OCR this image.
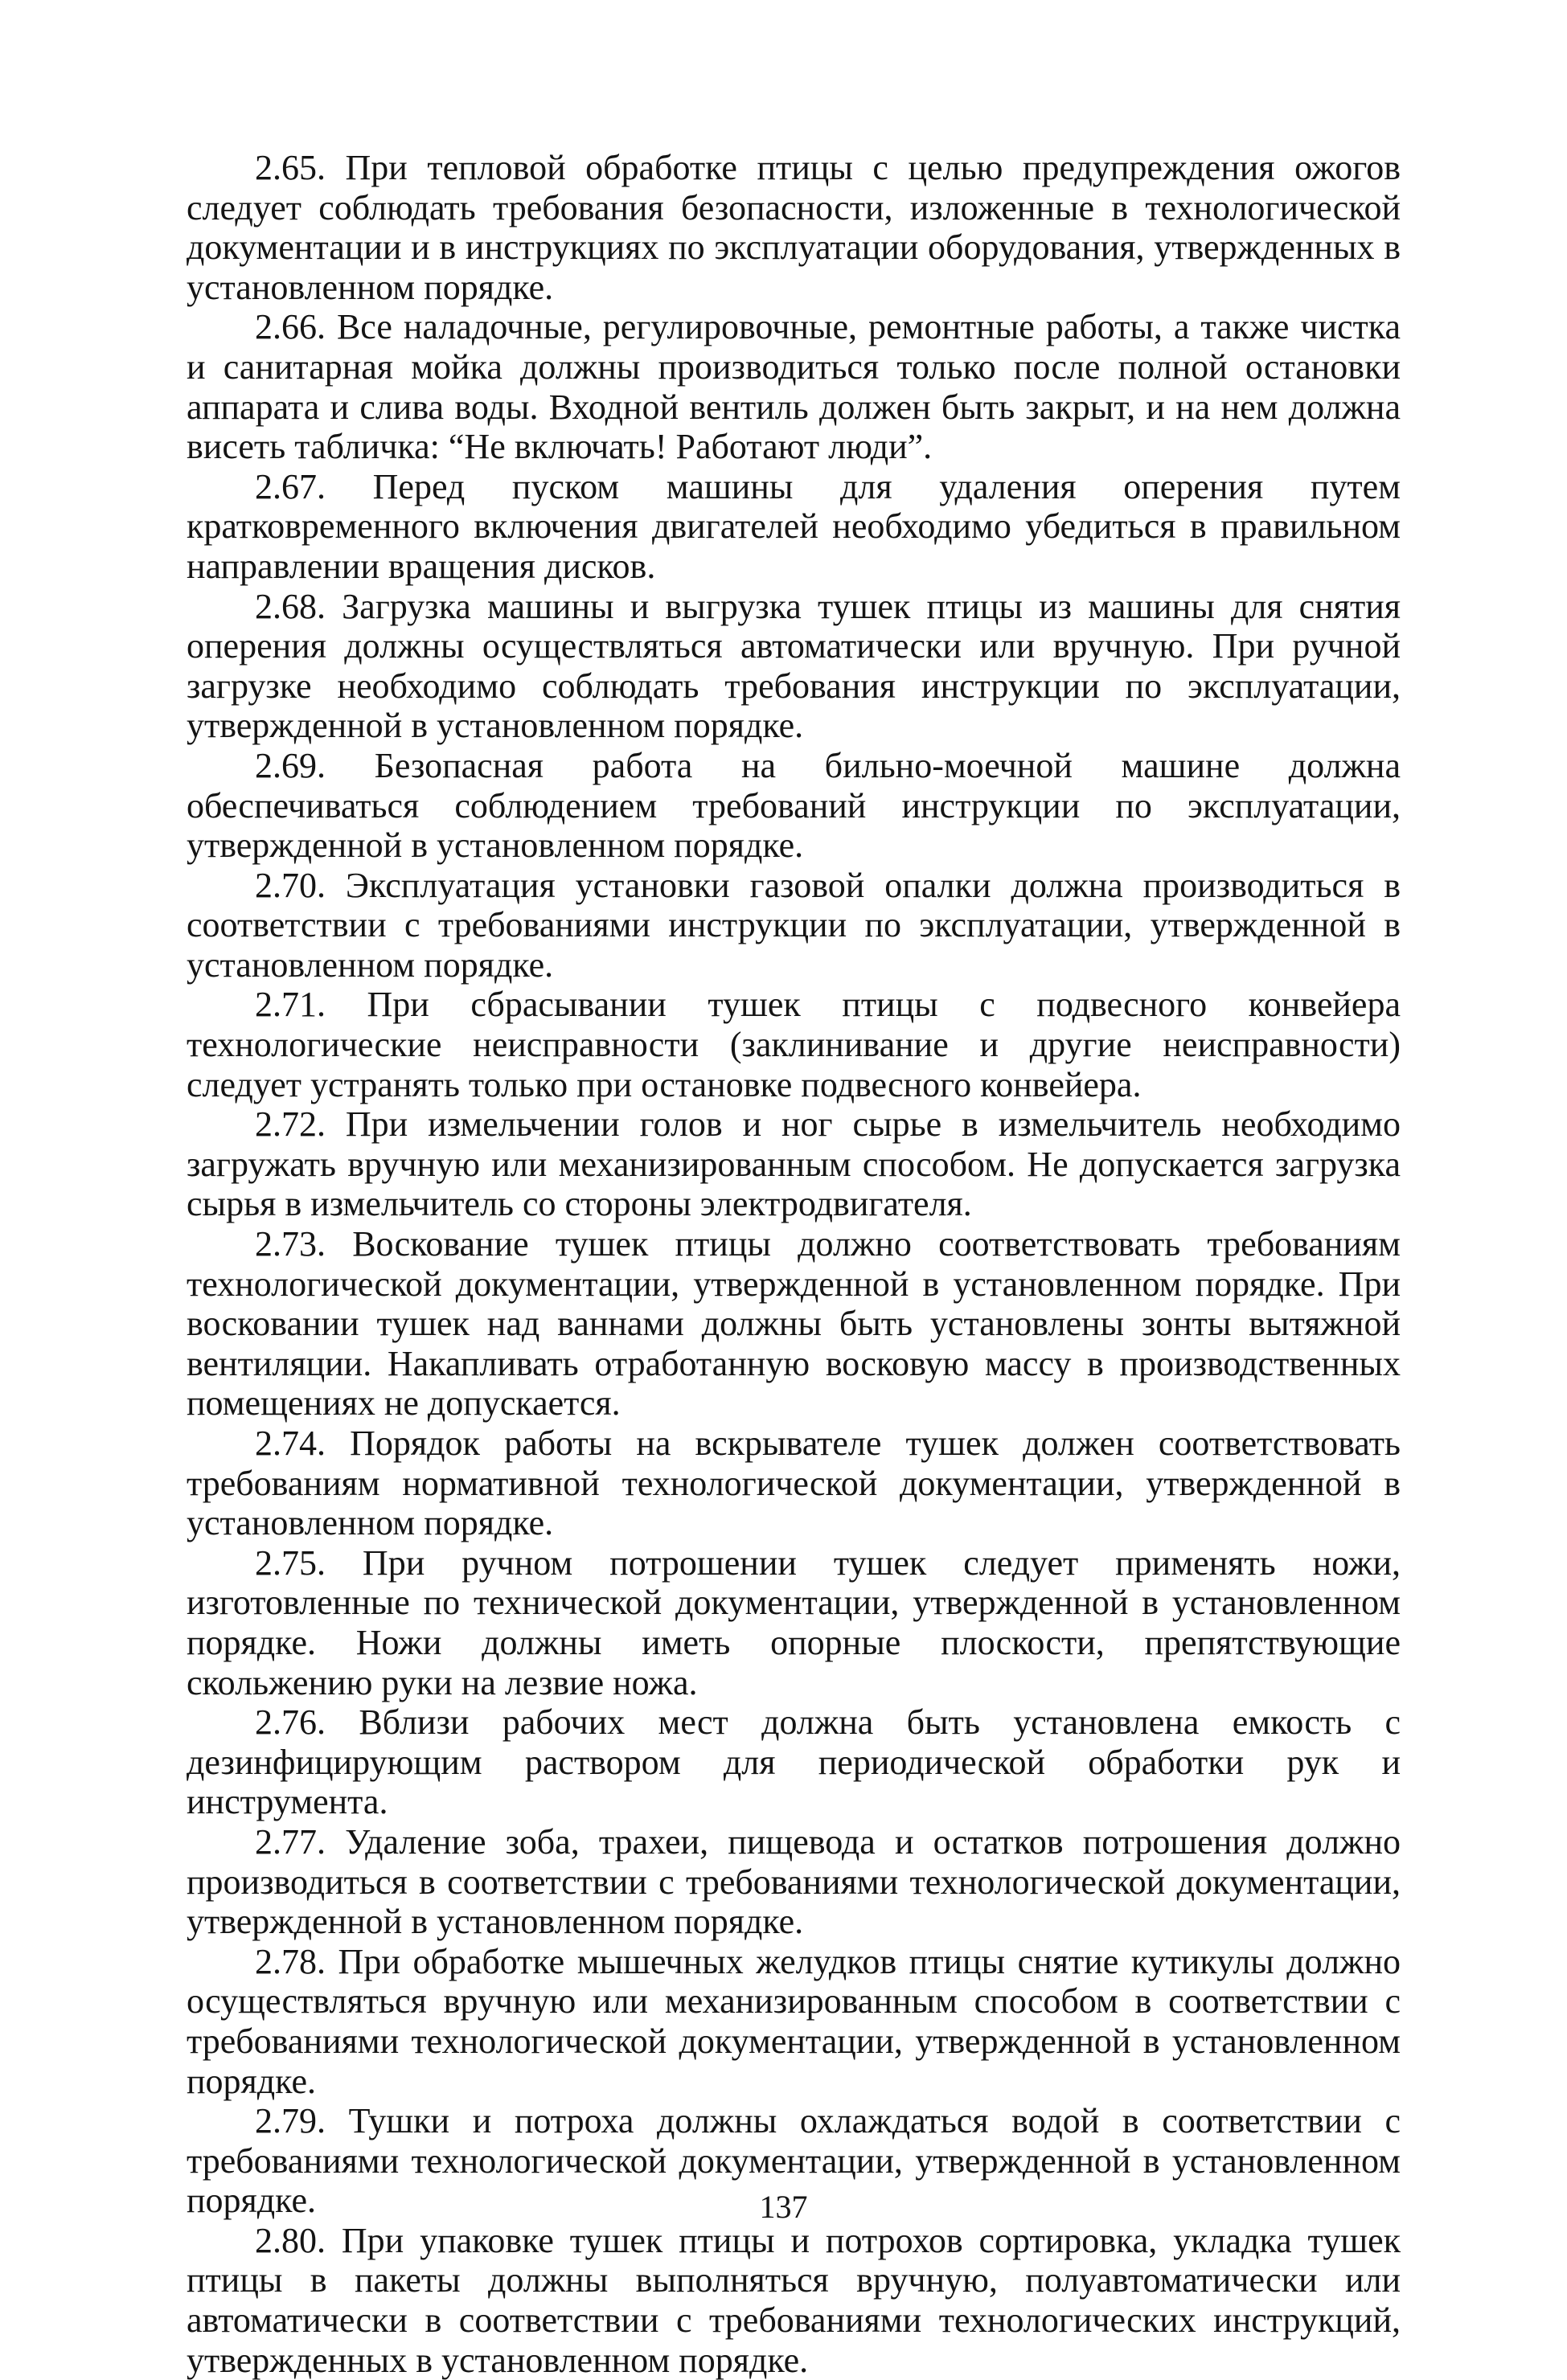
2.65. При тепловой обработке птицы с целью предупреждения ожогов следует соблюдать требования безопасности, изложенные в технологической документации и в инструкциях по эксплуатации оборудования, утвержденных в установленном порядке.

2.66. Все наладочные, регулировочные, ремонтные работы, а также чистка и санитарная мойка должны производиться только после полной остановки аппарата и слива воды. Входной вентиль должен быть закрыт, и на нем должна висеть табличка: “Не включать! Работают люди”.

2.67. Перед пуском машины для удаления оперения путем кратковременного включения двигателей необходимо убедиться в правильном направлении вращения дисков.

2.68. Загрузка машины и выгрузка тушек птицы из машины для снятия оперения должны осуществляться автоматически или вручную. При ручной загрузке необходимо соблюдать требования инструкции по эксплуатации, утвержденной в установленном порядке.

2.69. Безопасная работа на бильно-моечной машине должна обеспечиваться соблюдением требований инструкции по эксплуатации, утвержденной в установленном порядке.

2.70. Эксплуатация установки газовой опалки должна производиться в соответствии с требованиями инструкции по эксплуатации, утвержденной в установленном порядке.

2.71. При сбрасывании тушек птицы с подвесного конвейера технологические неисправности (заклинивание и другие неисправности) следует устранять только при остановке подвесного конвейера.

2.72. При измельчении голов и ног сырье в измельчитель необходимо загружать вручную или механизированным способом. Не допускается загрузка сырья в измельчитель со стороны электродвигателя.

2.73. Воскование тушек птицы должно соответствовать требованиям технологической документации, утвержденной в установленном порядке. При восковании тушек над ваннами должны быть установлены зонты вытяжной вентиляции. Накапливать отработанную восковую массу в производственных помещениях не допускается.

2.74. Порядок работы на вскрывателе тушек должен соответствовать требованиям нормативной технологической документации, утвержденной в установленном порядке.

2.75. При ручном потрошении тушек следует применять ножи, изготовленные по технической документации, утвержденной в установленном порядке. Ножи должны иметь опорные плоскости, препятствующие скольжению руки на лезвие ножа.

2.76. Вблизи рабочих мест должна быть установлена емкость с дезинфицирующим раствором для периодической обработки рук и инструмента.

2.77. Удаление зоба, трахеи, пищевода и остатков потрошения должно производиться в соответствии с требованиями технологической документации, утвержденной в установленном порядке.

2.78. При обработке мышечных желудков птицы снятие кутикулы должно осуществляться вручную или механизированным способом в соответствии с требованиями технологической документации, утвержденной в установленном порядке.

2.79. Тушки и потроха должны охлаждаться водой в соответствии с требованиями технологической документации, утвержденной в установленном порядке.

2.80. При упаковке тушек птицы и потрохов сортировка, укладка тушек птицы в пакеты должны выполняться вручную, полуавтоматически или автоматически в соответствии с требованиями технологических инструкций, утвержденных в установленном порядке.

137
